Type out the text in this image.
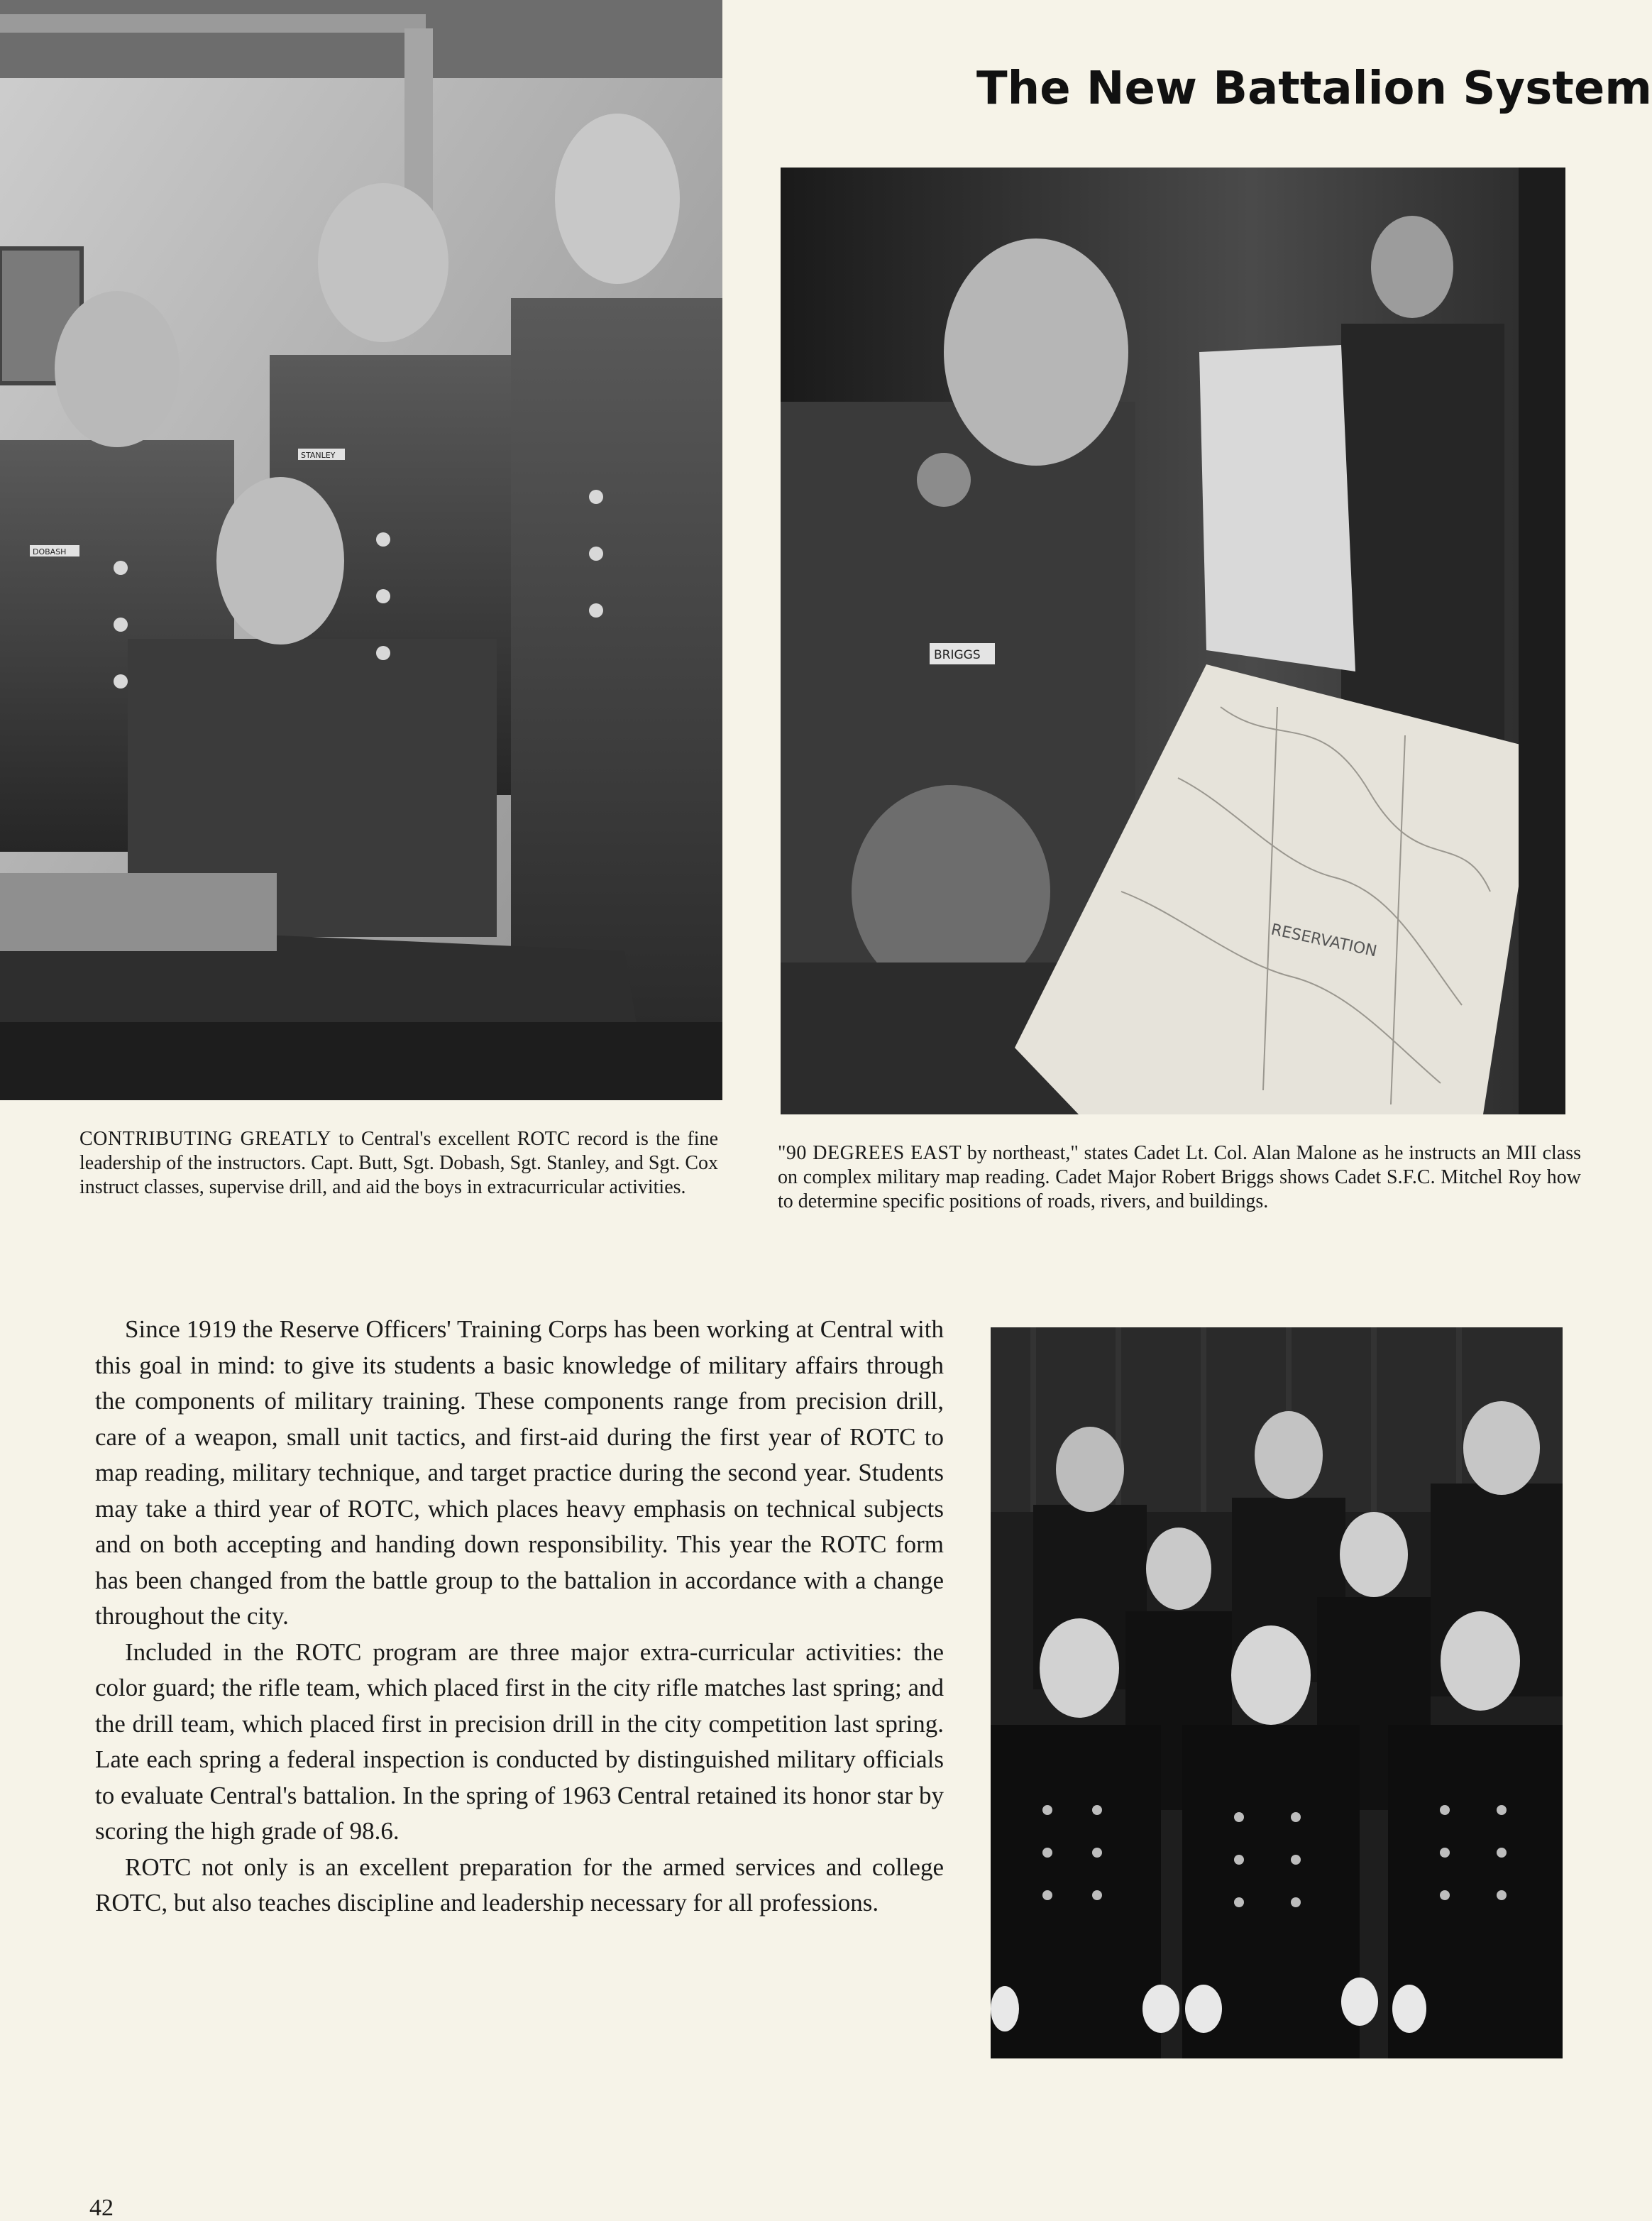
DOBASH
STANLEY
The New Battalion System
BRIGGS
RESERVATION
CONTRIBUTING GREATLY to Central's excellent ROTC record is the fine leadership of the instructors. Capt. Butt, Sgt. Dobash, Sgt. Stanley, and Sgt. Cox instruct classes, supervise drill, and aid the boys in extracurricular activities.
"90 DEGREES EAST by northeast," states Cadet Lt. Col. Alan Malone as he instructs an MII class on complex military map reading. Cadet Major Robert Briggs shows Cadet S.F.C. Mitchel Roy how to determine specific positions of roads, rivers, and buildings.

Since 1919 the Reserve Officers' Training Corps has been working at Central with this goal in mind: to give its students a basic knowledge of military affairs through the components of military training. These components range from precision drill, care of a weapon, small unit tactics, and first-aid during the first year of ROTC to map reading, military technique, and target practice during the second year. Students may take a third year of ROTC, which places heavy emphasis on technical subjects and on both accepting and handing down responsibility. This year the ROTC form has been changed from the battle group to the battalion in accordance with a change throughout the city.

Included in the ROTC program are three major extra-curricular activities: the color guard; the rifle team, which placed first in the city rifle matches last spring; and the drill team, which placed first in precision drill in the city competition last spring. Late each spring a federal inspection is conducted by distinguished military officials to evaluate Central's battalion. In the spring of 1963 Central retained its honor star by scoring the high grade of 98.6.

ROTC not only is an excellent preparation for the armed services and college ROTC, but also teaches discipline and leadership necessary for all professions.

42
